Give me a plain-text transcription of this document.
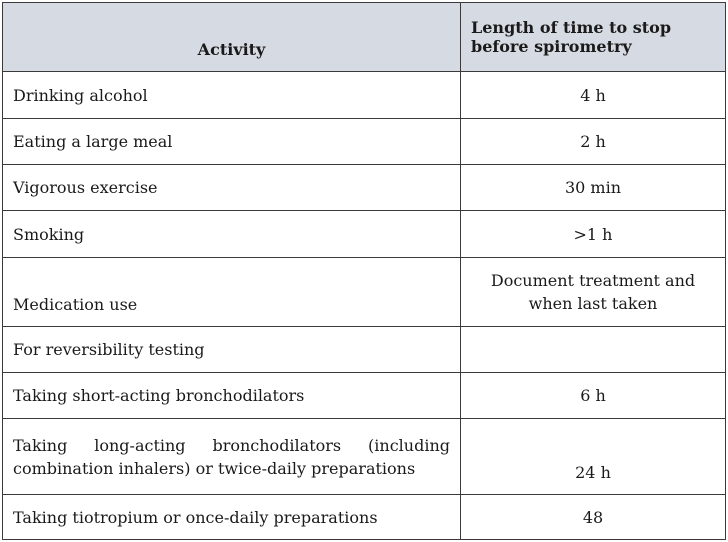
Activity	Length of time to stop before spirometry
Drinking alcohol	4 h
Eating a large meal	2 h
Vigorous exercise	30 min
Smoking	>1 h
Medication use	Document treatment and when last taken
For reversibility testing	
Taking short-acting bronchodilators	6 h
Taking long-acting bronchodilators (including combination inhalers) or twice-daily preparations	24 h
Taking tiotropium or once-daily preparations	48
